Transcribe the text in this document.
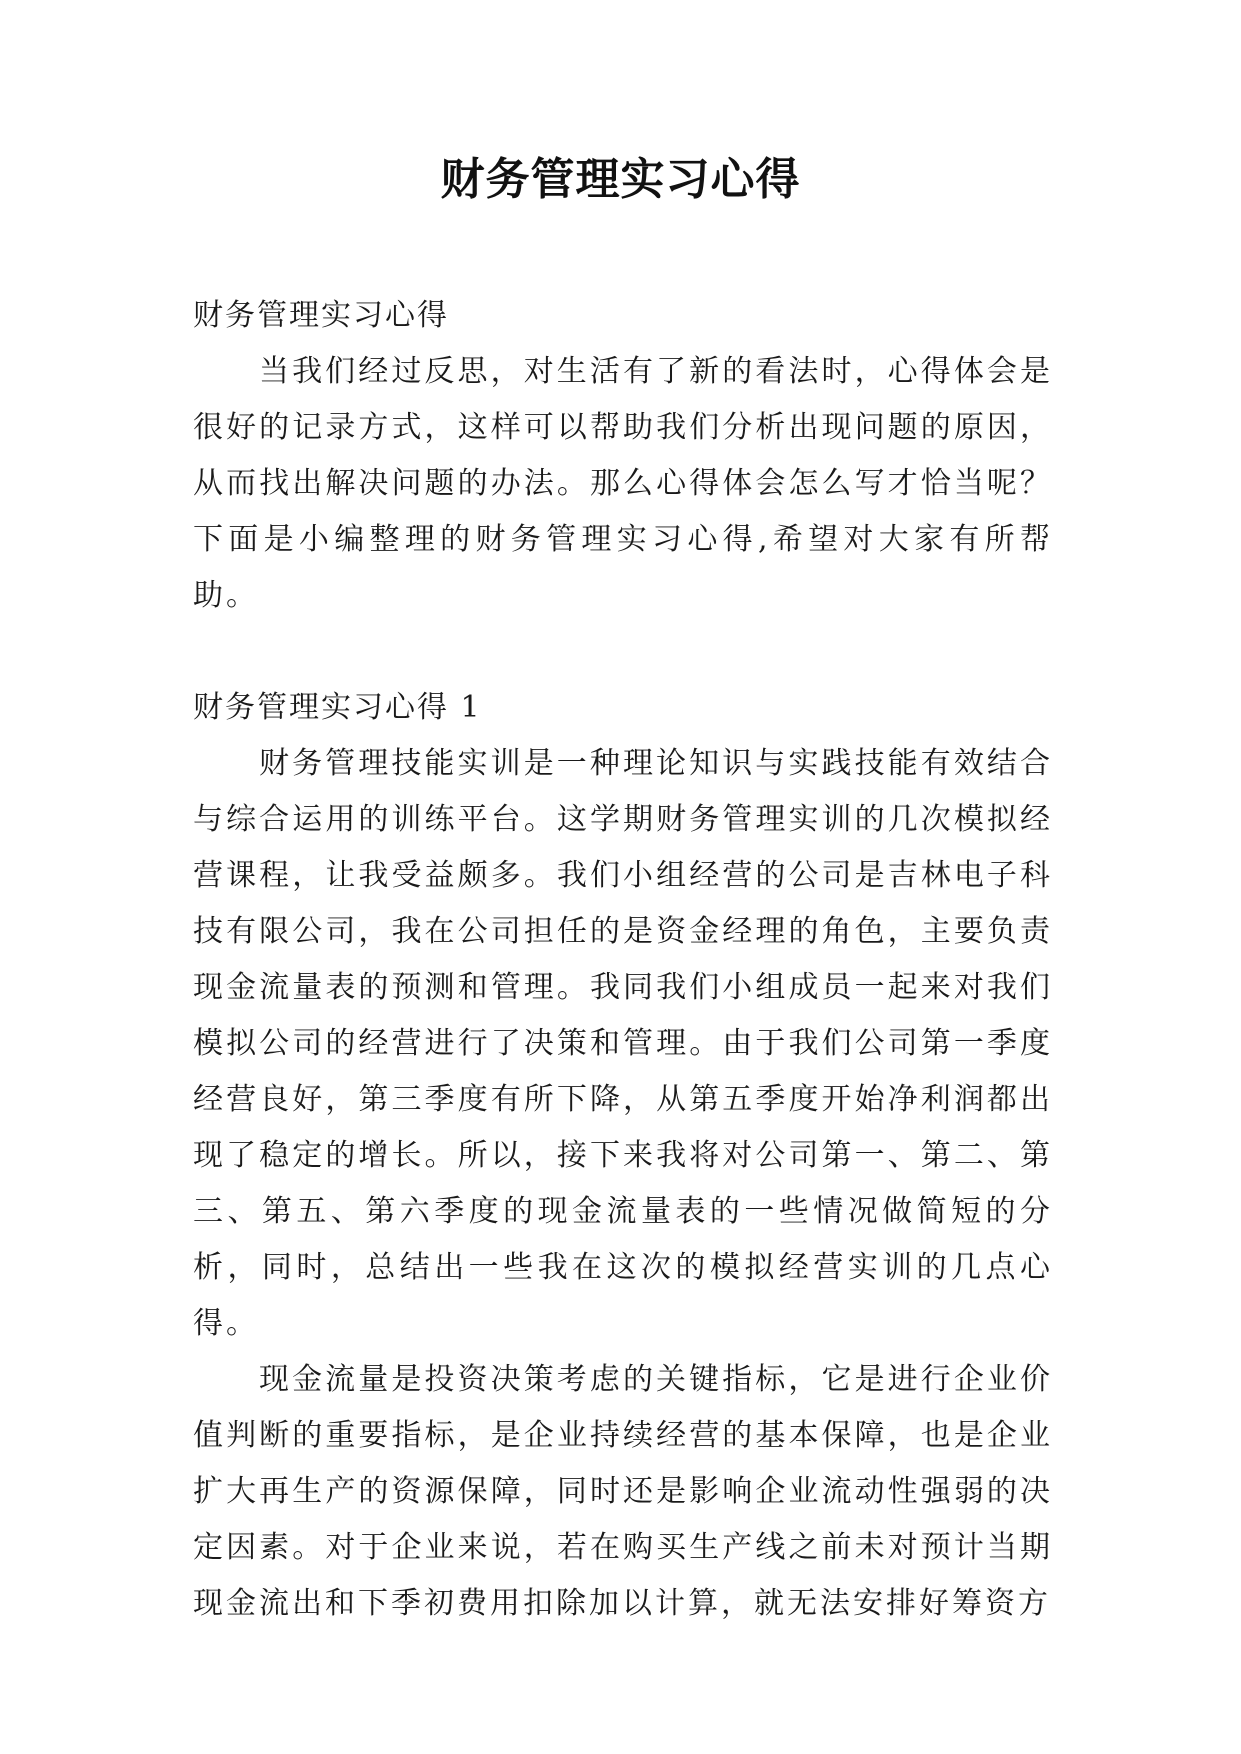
财务管理实习心得

财务管理实习心得

当我们经过反思，对生活有了新的看法时，心得体会是很好的记录方式，这样可以帮助我们分析出现问题的原因，从而找出解决问题的办法。那么心得体会怎么写才恰当呢？下面是小编整理的财务管理实习心得,希望对大家有所帮助。

财务管理实习心得 1

财务管理技能实训是一种理论知识与实践技能有效结合与综合运用的训练平台。这学期财务管理实训的几次模拟经营课程，让我受益颇多。我们小组经营的公司是吉林电子科技有限公司，我在公司担任的是资金经理的角色，主要负责现金流量表的预测和管理。我同我们小组成员一起来对我们模拟公司的经营进行了决策和管理。由于我们公司第一季度经营良好，第三季度有所下降，从第五季度开始净利润都出现了稳定的增长。所以，接下来我将对公司第一、第二、第三、第五、第六季度的现金流量表的一些情况做简短的分析，同时，总结出一些我在这次的模拟经营实训的几点心得。

现金流量是投资决策考虑的关键指标，它是进行企业价值判断的重要指标，是企业持续经营的基本保障，也是企业扩大再生产的资源保障，同时还是影响企业流动性强弱的决定因素。对于企业来说，若在购买生产线之前未对预计当期现金流出和下季初费用扣除加以计算，就无法安排好筹资方
